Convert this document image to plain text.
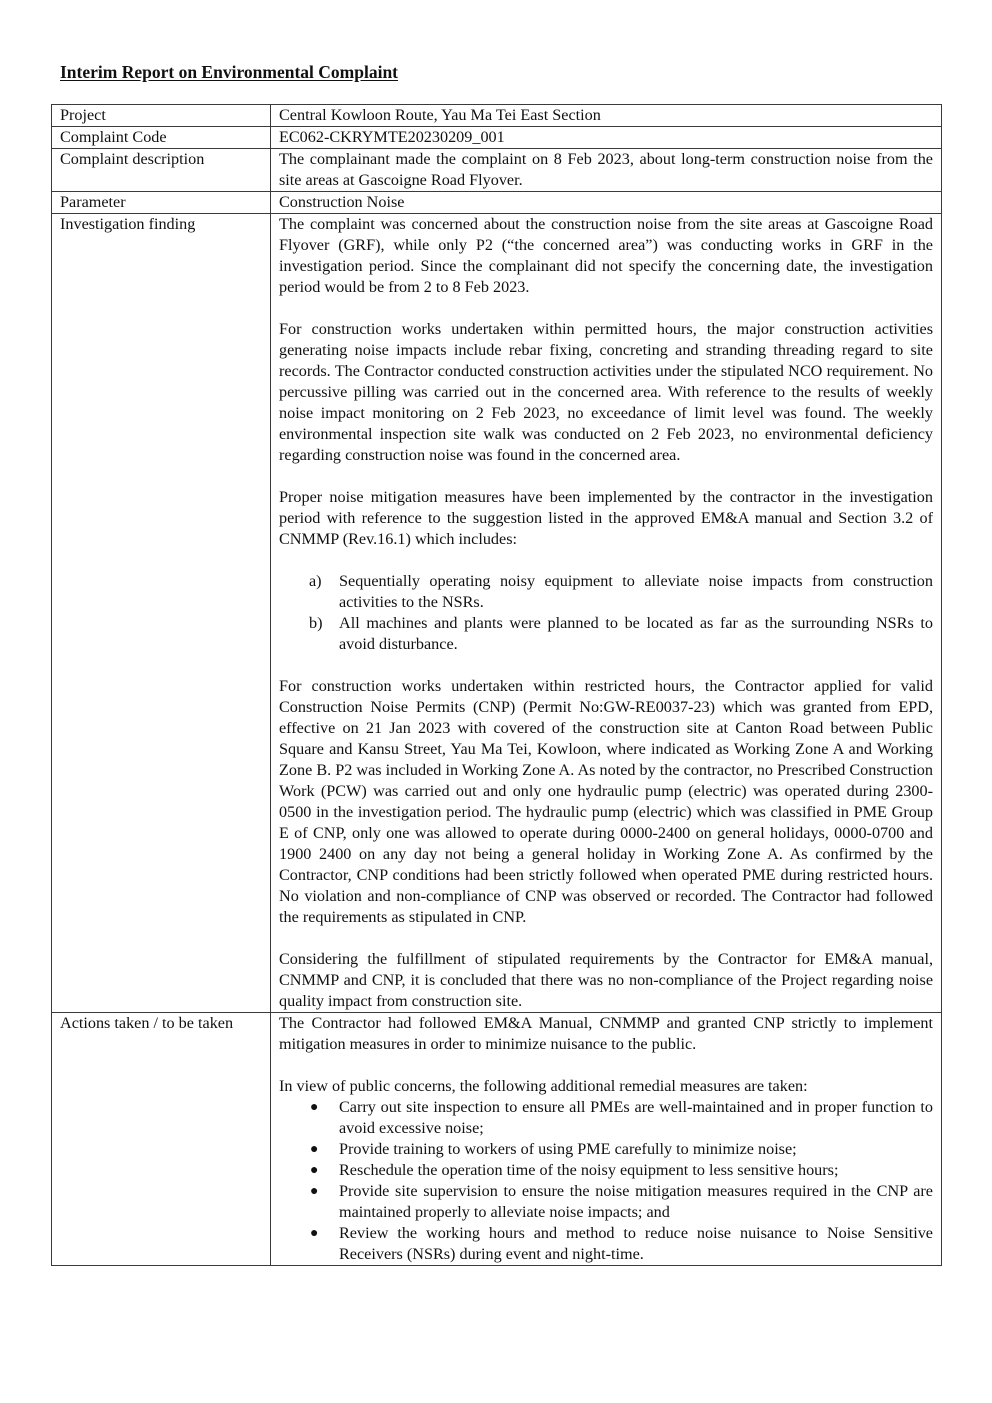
Interim Report on Environmental Complaint
Project	Central Kowloon Route, Yau Ma Tei East Section
Complaint Code	EC062-CKRYMTE20230209_001
Complaint description	The complainant made the complaint on 8 Feb 2023, about long-term construction noise from the site areas at Gascoigne Road Flyover.
Parameter	Construction Noise
Investigation finding	The complaint was concerned about the construction noise from the site areas at Gascoigne Road Flyover (GRF), while only P2 (“the concerned area”) was conducting works in GRF in the investigation period. Since the complainant did not specify the concerning date, the investigation period would be from 2 to 8 Feb 2023.

For construction works undertaken within permitted hours, the major construction activities generating noise impacts include rebar fixing, concreting and stranding threading regard to site records. The Contractor conducted construction activities under the stipulated NCO requirement. No percussive pilling was carried out in the concerned area. With reference to the results of weekly noise impact monitoring on 2 Feb 2023, no exceedance of limit level was found. The weekly environmental inspection site walk was conducted on 2 Feb 2023, no environmental deficiency regarding construction noise was found in the concerned area.

Proper noise mitigation measures have been implemented by the contractor in the investigation period with reference to the suggestion listed in the approved EM&A manual and Section 3.2 of CNMMP (Rev.16.1) which includes:

a) Sequentially operating noisy equipment to alleviate noise impacts from construction activities to the NSRs.
b) All machines and plants were planned to be located as far as the surrounding NSRs to avoid disturbance.

For construction works undertaken within restricted hours, the Contractor applied for valid Construction Noise Permits (CNP) (Permit No:GW-RE0037-23) which was granted from EPD, effective on 21 Jan 2023 with covered of the construction site at Canton Road between Public Square and Kansu Street, Yau Ma Tei, Kowloon, where indicated as Working Zone A and Working Zone B. P2 was included in Working Zone A. As noted by the contractor, no Prescribed Construction Work (PCW) was carried out and only one hydraulic pump (electric) was operated during 2300-0500 in the investigation period. The hydraulic pump (electric) which was classified in PME Group E of CNP, only one was allowed to operate during 0000-2400 on general holidays, 0000-0700 and 1900 2400 on any day not being a general holiday in Working Zone A. As confirmed by the Contractor, CNP conditions had been strictly followed when operated PME during restricted hours. No violation and non-compliance of CNP was observed or recorded. The Contractor had followed the requirements as stipulated in CNP.

Considering the fulfillment of stipulated requirements by the Contractor for EM&A manual, CNMMP and CNP, it is concluded that there was no non-compliance of the Project regarding noise quality impact from construction site.

Actions taken / to be taken	The Contractor had followed EM&A Manual, CNMMP and granted CNP strictly to implement mitigation measures in order to minimize nuisance to the public.

In view of public concerns, the following additional remedial measures are taken:

● Carry out site inspection to ensure all PMEs are well-maintained and in proper function to avoid excessive noise;
● Provide training to workers of using PME carefully to minimize noise;
● Reschedule the operation time of the noisy equipment to less sensitive hours;
● Provide site supervision to ensure the noise mitigation measures required in the CNP are maintained properly to alleviate noise impacts; and
● Review the working hours and method to reduce noise nuisance to Noise Sensitive Receivers (NSRs) during event and night-time.
